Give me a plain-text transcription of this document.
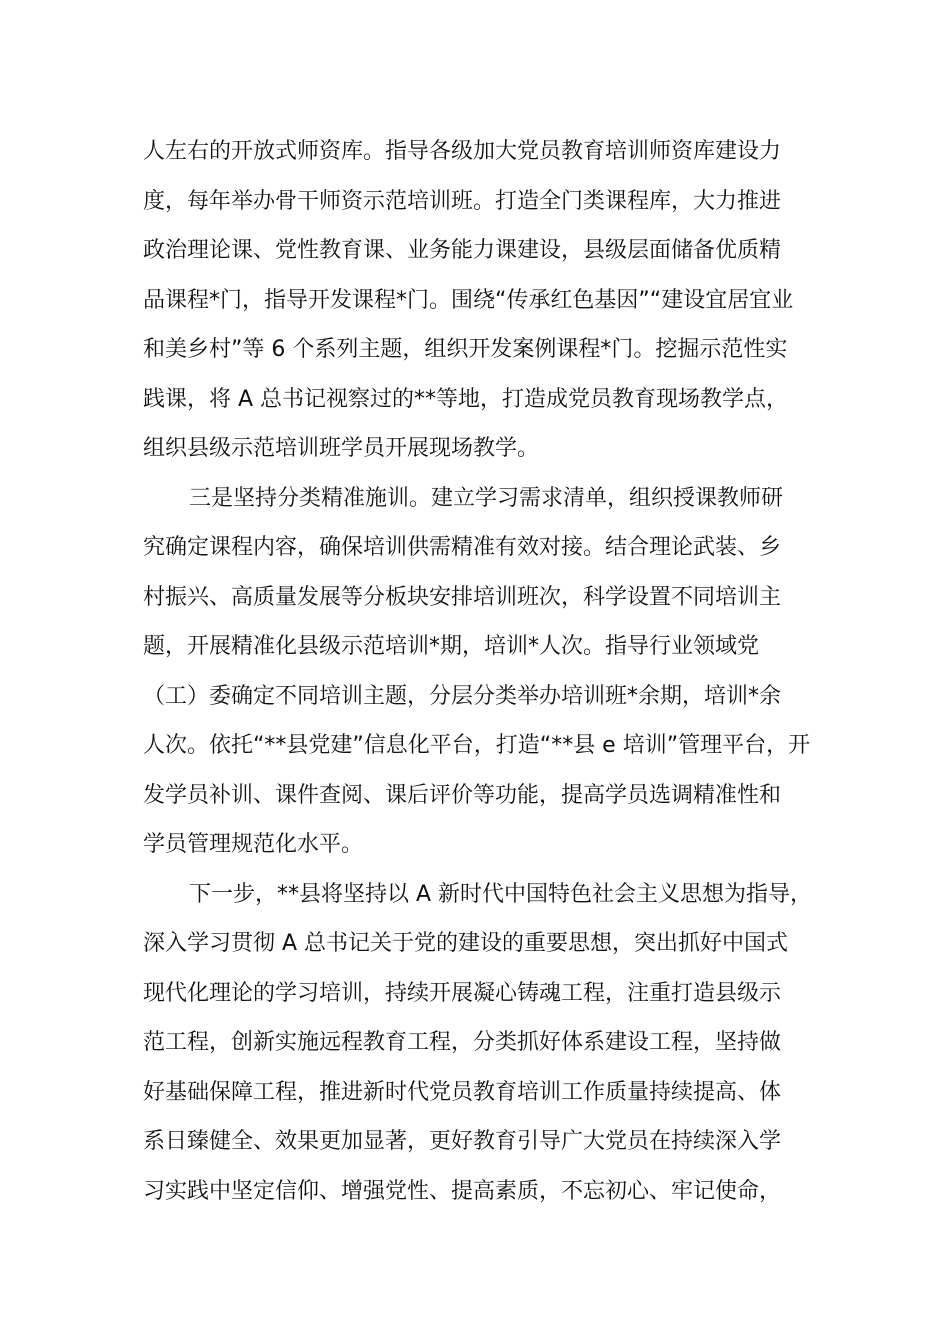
人左右的开放式师资库。指导各级加大党员教育培训师资库建设力
度，每年举办骨干师资示范培训班。打造全门类课程库，大力推进
政治理论课、党性教育课、业务能力课建设，县级层面储备优质精
品课程*门，指导开发课程*门。围绕“传承红色基因”“建设宜居宜业
和美乡村”等 6 个系列主题，组织开发案例课程*门。挖掘示范性实
践课，将 A 总书记视察过的**等地，打造成党员教育现场教学点，
组织县级示范培训班学员开展现场教学。
三是坚持分类精准施训。建立学习需求清单，组织授课教师研
究确定课程内容，确保培训供需精准有效对接。结合理论武装、乡
村振兴、高质量发展等分板块安排培训班次，科学设置不同培训主
题，开展精准化县级示范培训*期，培训*人次。指导行业领域党
（工）委确定不同培训主题，分层分类举办培训班*余期，培训*余
人次。依托“**县党建”信息化平台，打造“**县 e 培训”管理平台，开
发学员补训、课件查阅、课后评价等功能，提高学员选调精准性和
学员管理规范化水平。
下一步，**县将坚持以 A 新时代中国特色社会主义思想为指导，
深入学习贯彻 A 总书记关于党的建设的重要思想，突出抓好中国式
现代化理论的学习培训，持续开展凝心铸魂工程，注重打造县级示
范工程，创新实施远程教育工程，分类抓好体系建设工程，坚持做
好基础保障工程，推进新时代党员教育培训工作质量持续提高、体
系日臻健全、效果更加显著，更好教育引导广大党员在持续深入学
习实践中坚定信仰、增强党性、提高素质，不忘初心、牢记使命，
